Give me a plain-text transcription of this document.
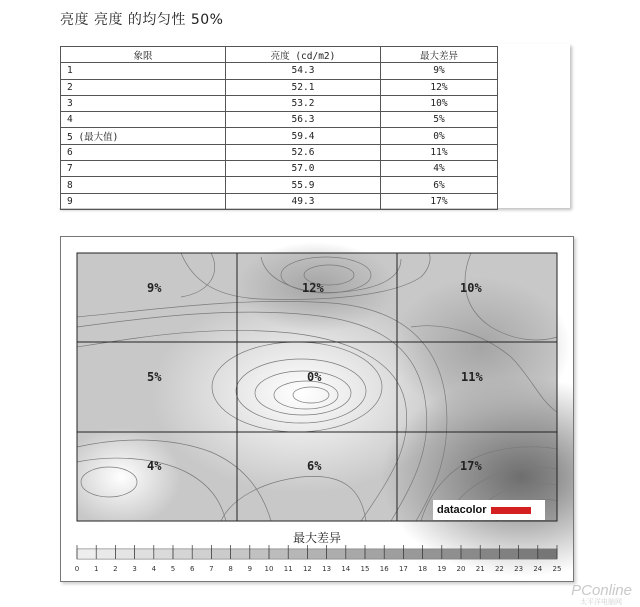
亮度 亮度 的均匀性 50%
象限	亮度 (cd/m2)	最大差异
1	54.3	9%
2	52.1	12%
3	53.2	10%
4	56.3	5%
5 (最大值)	59.4	0%
6	52.6	11%
7	57.0	4%
8	55.9	6%
9	49.3	17%
9%	12%	10%
5%	0%	11%
4%	6%	17%
datacolor
最大差异
0 1 2 3 4 5 6 7 8 9 10 11 12 13 14 15 16 17 18 19 20 21 22 23 24 25
PConline
太平洋电脑网
